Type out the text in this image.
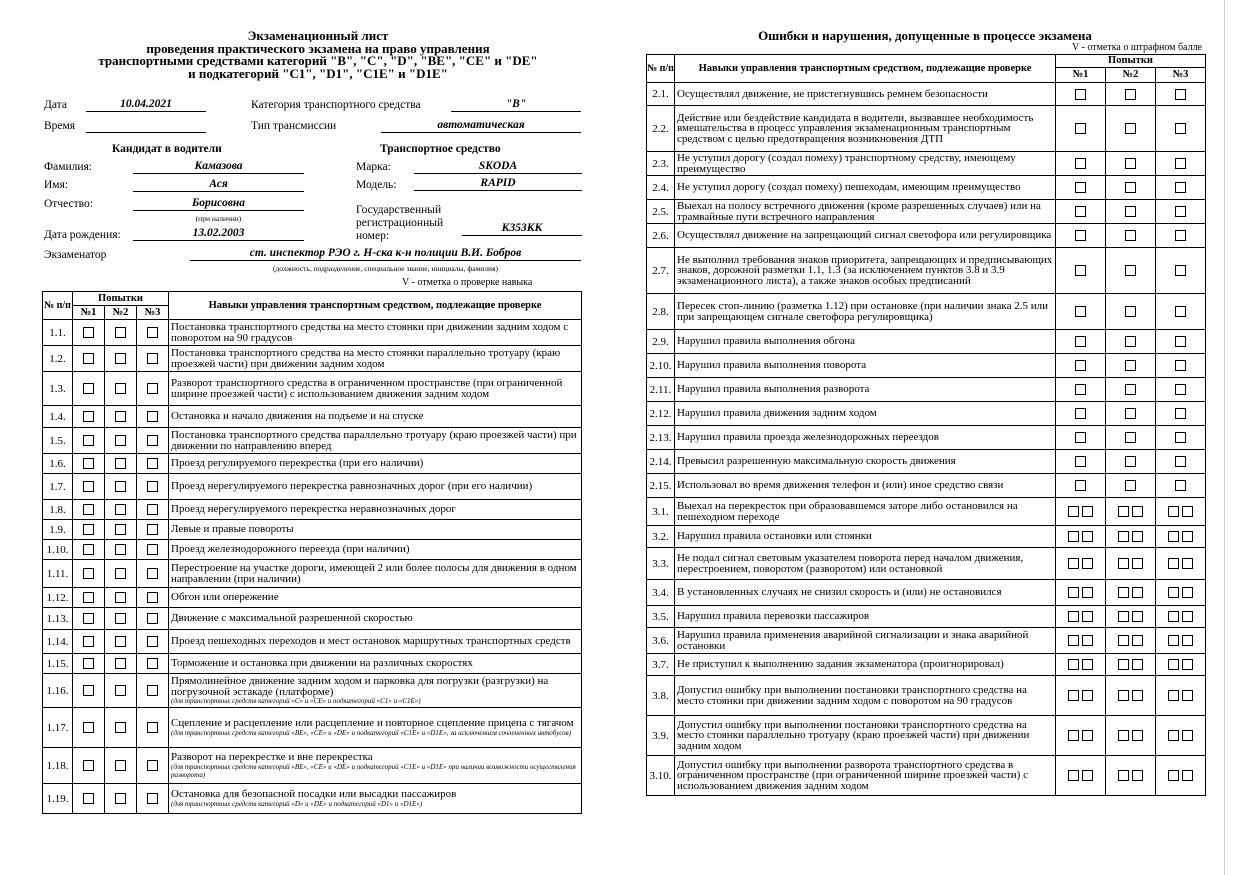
Экзаменационный лист
проведения практического экзамена на право управления
транспортными средствами категорий "B", "C", "D", "BE", "CE" и "DE"
и подкатегорий "C1", "D1", "C1E" и "D1E"
Дата	10.04.2021	Категория транспортного средства	"B"
Время	Тип трансмиссии	автоматическая
Кандидат в водители	Транспортное средство
Фамилия:	Камазова	Марка:	SKODA
Имя:	Ася	Модель:	RAPID
Отчество:	Борисовна
(при наличии)
Государственный регистрационный номер:
К353КК
Дата рождения:	13.02.2003
Экзаменатор	ст. инспектор РЭО г. Н-ска к-н полиции В.И. Бобров
(должность, подразделение, специальное звание, инициалы, фамилия)
V - отметка о проверке навыка
№ п/п	Попытки			Навыки управления транспортным средством, подлежащие проверке
	№1	№2	№3	
1.1.				Постановка транспортного средства на место стоянки при движении задним ходом с поворотом на 90 градусов
1.2.				Постановка транспортного средства на место стоянки параллельно тротуару (краю проезжей части) при движении задним ходом
1.3.				Разворот транспортного средства в ограниченном пространстве (при ограниченной ширине проезжей части) с использованием движения задним ходом
1.4.				Остановка и начало движения на подъеме и на спуске
1.5.				Постановка транспортного средства параллельно тротуару (краю проезжей части) при движении по направлению вперед
1.6.				Проезд регулируемого перекрестка (при его наличии)
1.7.				Проезд нерегулируемого перекрестка равнозначных дорог (при его наличии)
1.8.				Проезд нерегулируемого перекрестка неравнозначных дорог
1.9.				Левые и правые повороты
1.10.				Проезд железнодорожного переезда (при наличии)
1.11.				Перестроение на участке дороги, имеющей 2 или более полосы для движения в одном направлении (при наличии)
1.12.				Обгон или опережение
1.13.				Движение с максимальной разрешенной скоростью
1.14.				Проезд пешеходных переходов и мест остановок маршрутных транспортных средств
1.15.				Торможение и остановка при движении на различных скоростях
1.16.				Прямолинейное движение задним ходом и парковка для погрузки (разгрузки) на погрузочной эстакаде (платформе)
(для транспортных средств категорий «C» и «CE» и подкатегорий «C1» и «C1E»)

1.17.				Сцепление и расцепление или расцепление и повторное сцепление прицепа с тягачом
(для транспортных средств категорий «BE», «CE» и «DE» и подкатегорий «C1E» и «D1E», за исключением сочлененных автобусов)

1.18.				Разворот на перекрестке и вне перекрестка
(для транспортных средств категорий «BE», «CE» и «DE» и подкатегорий «C1E» и «D1E» при наличии возможности осуществления разворота)

1.19.				Остановка для безопасной посадки или высадки пассажиров
(для транспортных средств категорий «D» и «DE» и подкатегорий «D1» и «D1E»)
Ошибки и нарушения, допущенные в процессе экзамена
V - отметка о штрафном балле
№ п/п	Навыки управления транспортным средством, подлежащие проверке	Попытки		
		№1	№2	№3
2.1.	Осуществлял движение, не пристегнувшись ремнем безопасности			
2.2.	Действие или бездействие кандидата в водители, вызвавшее необходимость вмешательства в процесс управления экзаменационным транспортным средством с целью предотвращения возникновения ДТП			
2.3.	Не уступил дорогу (создал помеху) транспортному средству, имеющему преимущество			
2.4.	Не уступил дорогу (создал помеху) пешеходам, имеющим преимущество			
2.5.	Выехал на полосу встречного движения (кроме разрешенных случаев) или на трамвайные пути встречного направления			
2.6.	Осуществлял движение на запрещающий сигнал светофора или регулировщика			
2.7.	Не выполнил требования знаков приоритета, запрещающих и предписывающих знаков, дорожной разметки 1.1, 1.3 (за исключением пунктов 3.8 и 3.9 экзаменационного листа), а также знаков особых предписаний			
2.8.	Пересек стоп-линию (разметка 1.12) при остановке (при наличии знака 2.5 или при запрещающем сигнале светофора регулировщика)			
2.9.	Нарушил правила выполнения обгона			
2.10.	Нарушил правила выполнения поворота			
2.11.	Нарушил правила выполнения разворота			
2.12.	Нарушил правила движения задним ходом			
2.13.	Нарушил правила проезда железнодорожных переездов			
2.14.	Превысил разрешенную максимальную скорость движения			
2.15.	Использовал во время движения телефон и (или) иное средство связи			
3.1.	Выехал на перекресток при образовавшемся заторе либо остановился на пешеходном переходе			
3.2.	Нарушил правила остановки или стоянки			
3.3.	Не подал сигнал световым указателем поворота перед началом движения, перестроением, поворотом (разворотом) или остановкой			
3.4.	В установленных случаях не снизил скорость и (или) не остановился			
3.5.	Нарушил правила перевозки пассажиров			
3.6.	Нарушил правила применения аварийной сигнализации и знака аварийной остановки			
3.7.	Не приступил к выполнению задания экзаменатора (проигнорировал)			
3.8.	Допустил ошибку при выполнении постановки транспортного средства на место стоянки при движении задним ходом с поворотом на 90 градусов			
3.9.	Допустил ошибку при выполнении постановки транспортного средства на место стоянки параллельно тротуару (краю проезжей части) при движении задним ходом			
3.10.	Допустил ошибку при выполнении разворота транспортного средства в ограниченном пространстве (при ограниченной ширине проезжей части) с использованием движения задним ходом			
